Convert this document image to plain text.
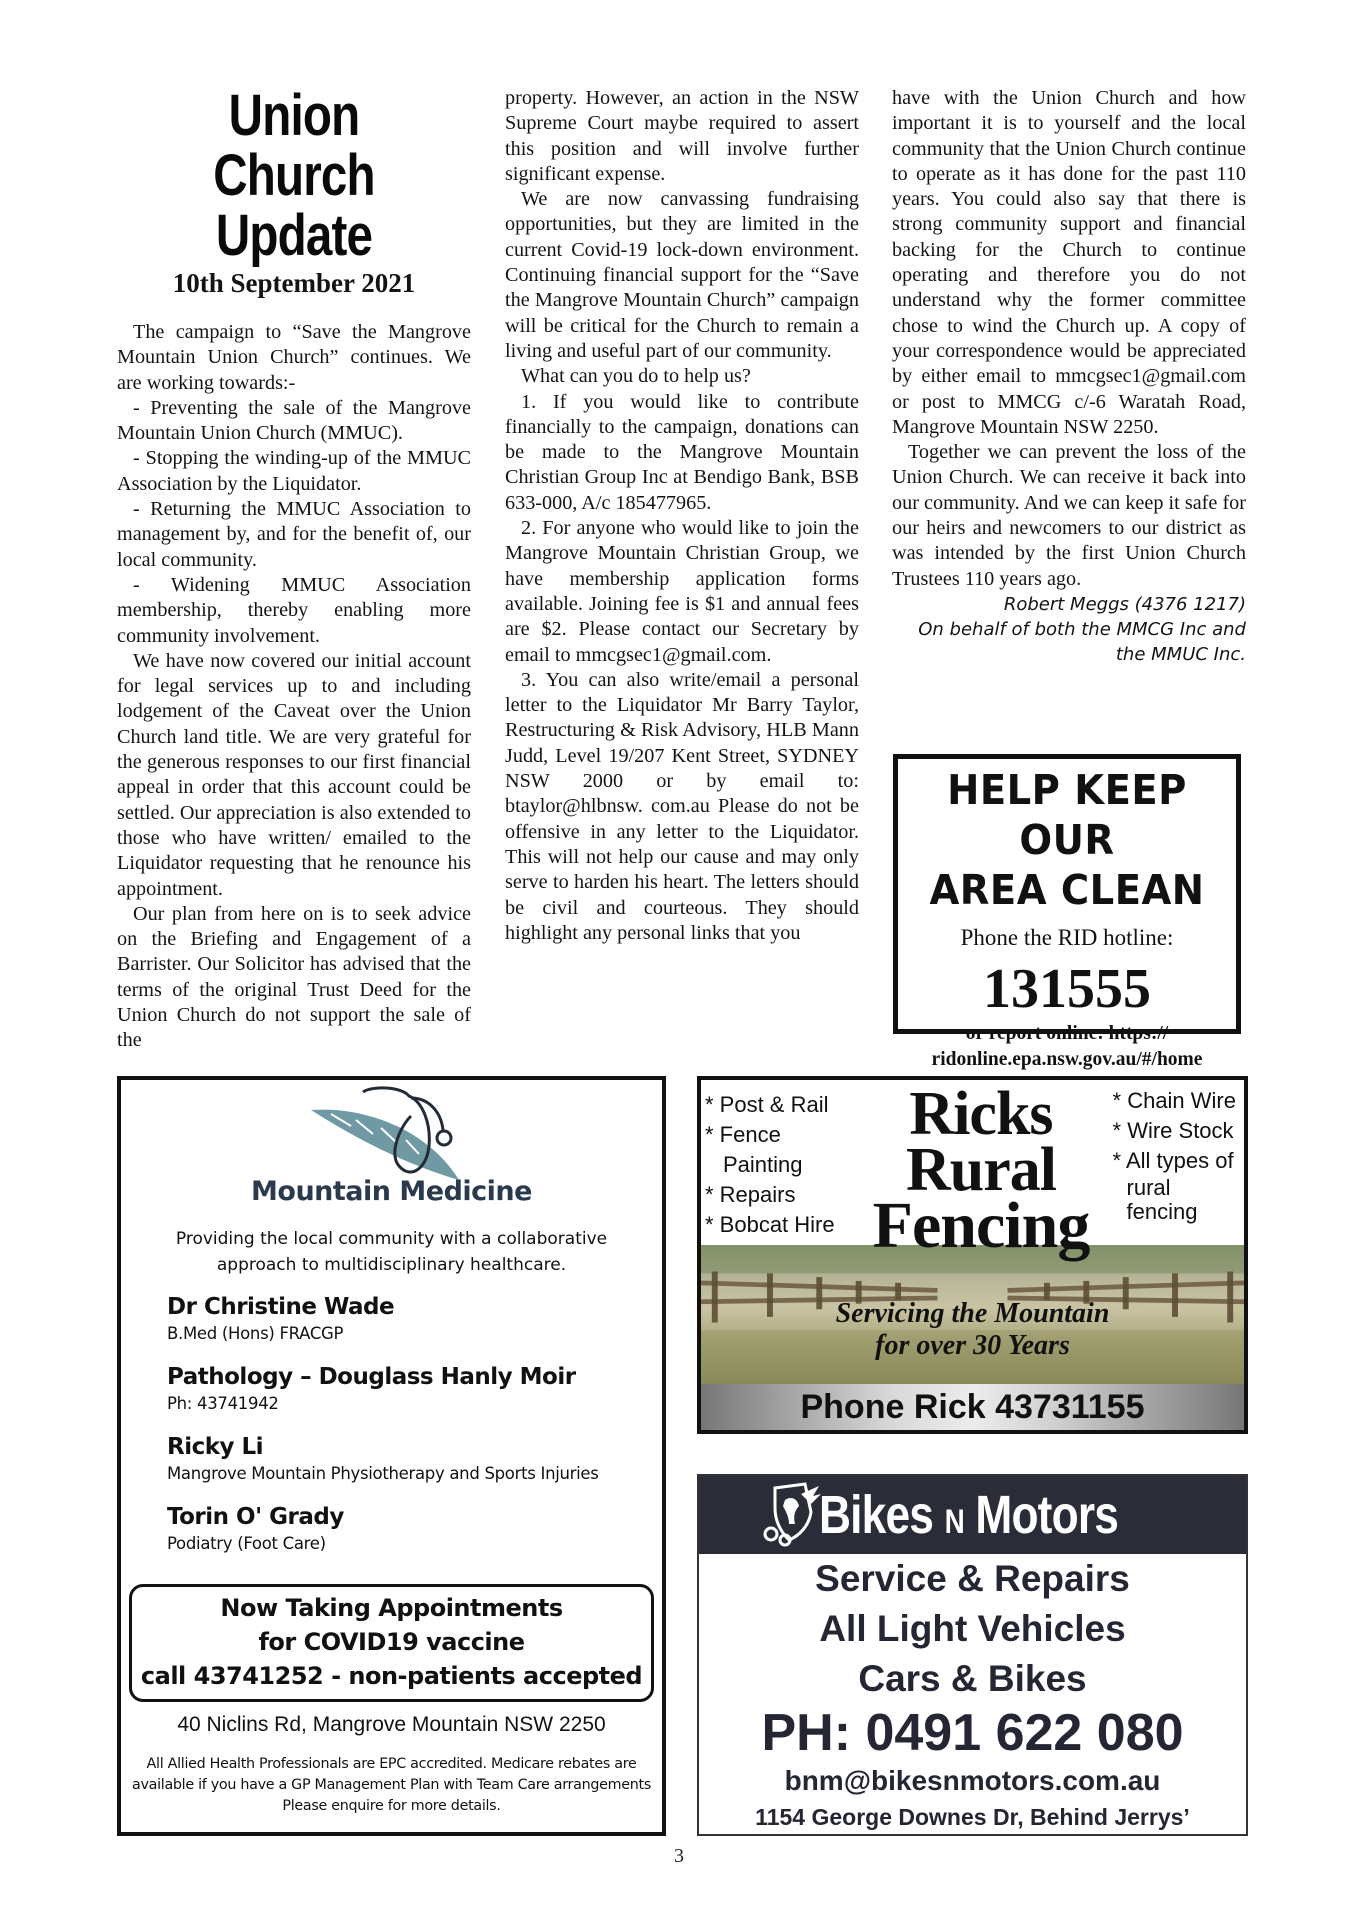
Union Church
Update
10th September 2021

The campaign to “Save the Mangrove Mountain Union Church” continues. We are working towards:-

- Preventing the sale of the Mangrove Mountain Union Church (MMUC).

- Stopping the winding-up of the MMUC Association by the Liquidator.

- Returning the MMUC Association to management by, and for the benefit of, our local community.

- Widening MMUC Association membership, thereby enabling more community involvement.

We have now covered our initial account for legal services up to and including lodgement of the Caveat over the Union Church land title. We are very grateful for the generous responses to our first financial appeal in order that this account could be settled. Our appreciation is also extended to those who have written/ emailed to the Liquidator requesting that he renounce his appointment.

Our plan from here on is to seek advice on the Briefing and Engagement of a Barrister. Our Solicitor has advised that the terms of the original Trust Deed for the Union Church do not support the sale of the

property. However, an action in the NSW Supreme Court maybe required to assert this position and will involve further significant expense.

We are now canvassing fundraising opportunities, but they are limited in the current Covid-19 lock-down environment. Continuing financial support for the “Save the Mangrove Mountain Church” campaign will be critical for the Church to remain a living and useful part of our community.

What can you do to help us?

1. If you would like to contribute financially to the campaign, donations can be made to the Mangrove Mountain Christian Group Inc at Bendigo Bank, BSB 633-000, A/c 185477965.

2. For anyone who would like to join the Mangrove Mountain Christian Group, we have membership application forms available. Joining fee is $1 and annual fees are $2. Please contact our Secretary by email to mmcgsec1@gmail.com.

3. You can also write/email a personal letter to the Liquidator Mr Barry Taylor, Restructuring & Risk Advisory, HLB Mann Judd, Level 19/207 Kent Street, SYDNEY NSW 2000 or by email to: btaylor@hlbnsw. com.au Please do not be offensive in any letter to the Liquidator. This will not help our cause and may only serve to harden his heart. The letters should be civil and courteous. They should highlight any personal links that you

have with the Union Church and how important it is to yourself and the local community that the Union Church continue to operate as it has done for the past 110 years. You could also say that there is strong community support and financial backing for the Church to continue operating and therefore you do not understand why the former committee chose to wind the Church up. A copy of your correspondence would be appreciated by either email to mmcgsec1@gmail.com or post to MMCG c/-6 Waratah Road, Mangrove Mountain NSW 2250.

Together we can prevent the loss of the Union Church. We can receive it back into our community. And we can keep it safe for our heirs and newcomers to our district as was intended by the first Union Church Trustees 110 years ago.

Robert Meggs (4376 1217)
On behalf of both the MMCG Inc and
the MMUC Inc.
HELP KEEP OUR
AREA CLEAN
Phone the RID hotline:
131555
or report online: https://
ridonline.epa.nsw.gov.au/#/home
Mountain Medicine
Providing the local community with a collaborative
approach to multidisciplinary healthcare.
Dr Christine Wade
B.Med (Hons) FRACGP
Pathology – Douglass Hanly Moir
Ph: 43741942
Ricky Li
Mangrove Mountain Physiotherapy and Sports Injuries
Torin O' Grady
Podiatry (Foot Care)
Now Taking Appointments
for COVID19 vaccine
call 43741252 - non-patients accepted
40 Niclins Rd, Mangrove Mountain NSW 2250
All Allied Health Professionals are EPC accredited. Medicare rebates are
available if you have a GP Management Plan with Team Care arrangements
Please enquire for more details.
* Post & Rail
* Fence
Painting
* Repairs
* Bobcat Hire
Ricks
Rural
Fencing
* Chain Wire
* Wire Stock
* All types of
rural
fencing
Servicing the Mountain
for over 30 Years
Phone Rick 43731155
Bikes N Motors
Service & Repairs
All Light Vehicles
Cars & Bikes
PH: 0491 622 080
bnm@bikesnmotors.com.au
1154 George Downes Dr, Behind Jerrys’
3
